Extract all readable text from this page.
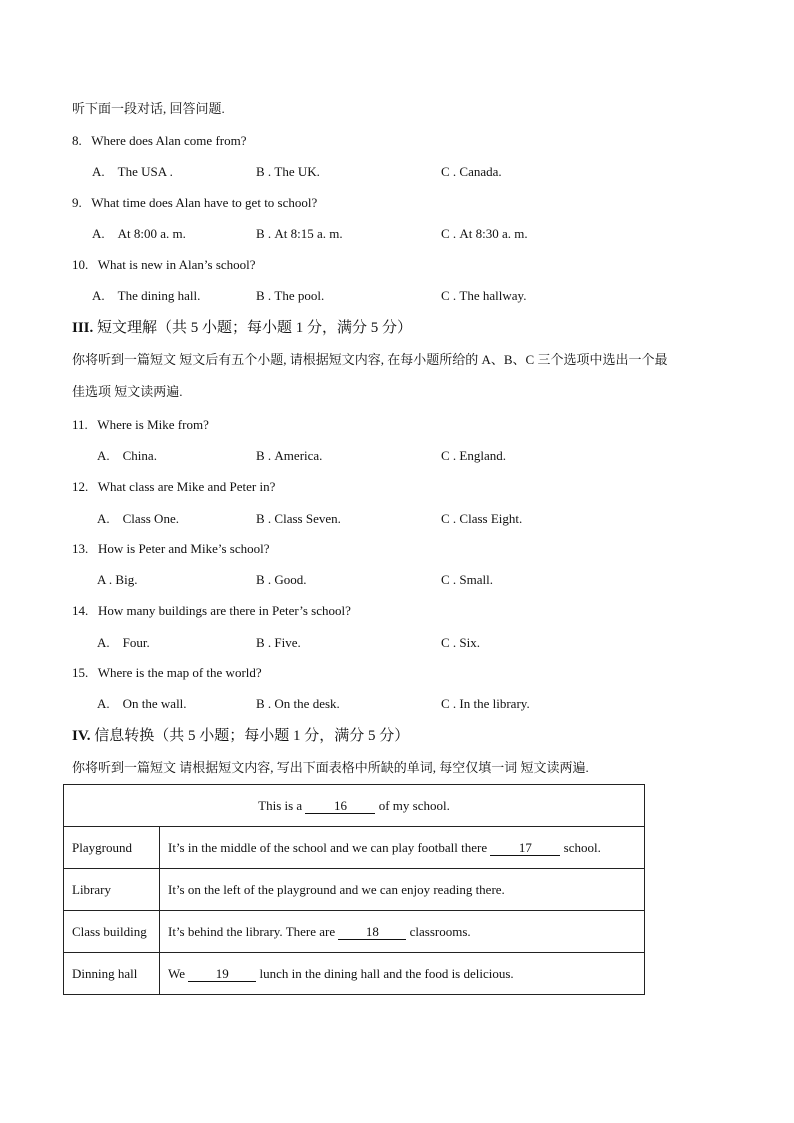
听下面一段对话, 回答问题.
8. Where does Alan come from?
A. The USA .	B . The UK.	C . Canada.
9. What time does Alan have to get to school?
A. At 8:00 a. m.	B . At 8:15 a. m.	C . At 8:30 a. m.
10. What is new in Alan’s school?
A. The dining hall.	B . The pool.	C . The hallway.
III. 短文理解（共 5 小题；每小题 1 分，满分 5 分）
你将听到一篇短文 短文后有五个小题, 请根据短文内容, 在每小题所给的 A、B、C 三个选项中选出一个最
佳选项 短文读两遍.
11. Where is Mike from?
A. China.	B . America.	C . England.
12. What class are Mike and Peter in?
A. Class One.	B . Class Seven.	C . Class Eight.
13. How is Peter and Mike’s school?
A . Big.	B . Good.	C . Small.
14. How many buildings are there in Peter’s school?
A. Four.	B . Five.	C . Six.
15. Where is the map of the world?
A. On the wall.	B . On the desk.	C . In the library.
IV. 信息转换（共 5 小题；每小题 1 分，满分 5 分）
你将听到一篇短文 请根据短文内容, 写出下面表格中所缺的单词, 每空仅填一词 短文读两遍.
This is a 16 of my school.	
Playground	It’s in the middle of the school and we can play football there 17 school.
Library	It’s on the left of the playground and we can enjoy reading there.
Class building	It’s behind the library. There are 18 classrooms.
Dinning hall	We 19 lunch in the dining hall and the food is delicious.
